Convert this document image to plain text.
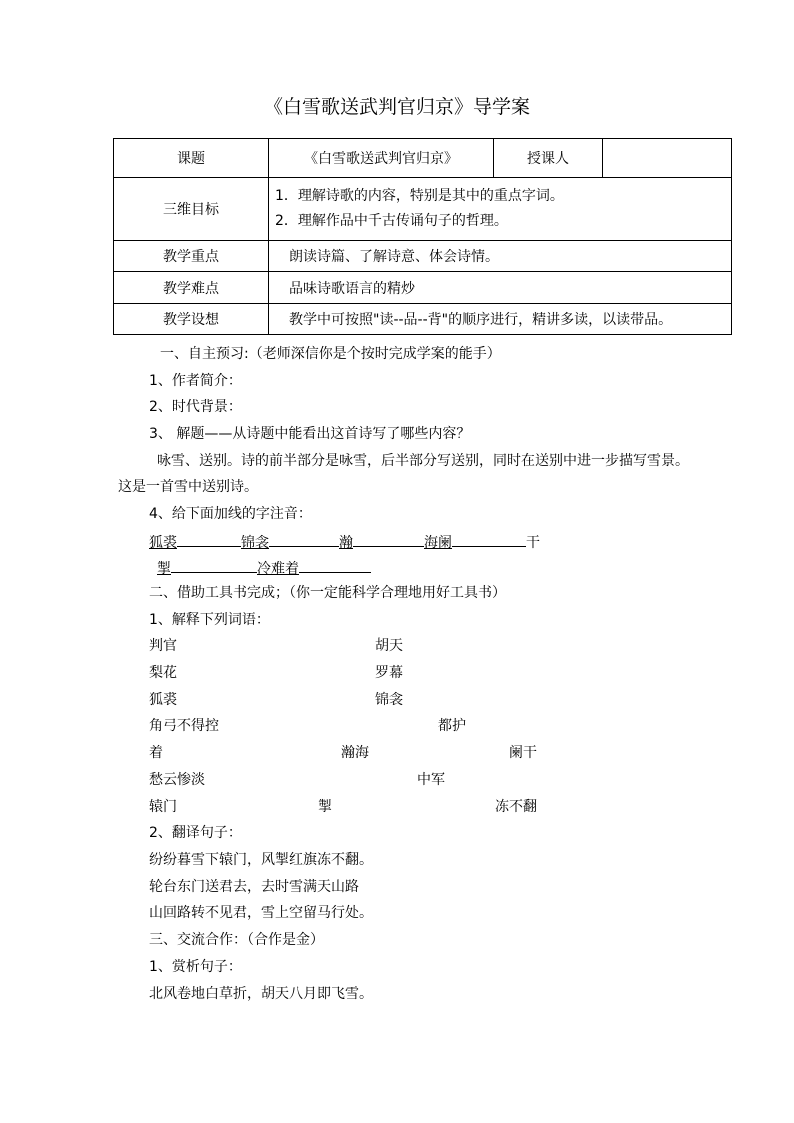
《白雪歌送武判官归京》导学案
课题	《白雪歌送武判官归京》	授课人	
三维目标	1．理解诗歌的内容，特别是其中的重点字词。
2．理解作品中千古传诵句子的哲理。		

教学重点	朗读诗篇、了解诗意、体会诗情。		
教学难点	品味诗歌语言的精炒		
教学设想	教学中可按照"读--品--背"的顺序进行，精讲多读，以读带品。		
一、自主预习:（老师深信你是个按时完成学案的能手）
1、作者简介：
2、时代背景：
3、 解题——从诗题中能看出这首诗写了哪些内容？
咏雪、送别。诗的前半部分是咏雪，后半部分写送别，同时在送别中进一步描写雪景。
这是一首雪中送别诗。
4、给下面加线的字注音：
狐裘	锦衾	瀚	海阑	干
掣	冷难着
二、借助工具书完成；（你一定能科学合理地用好工具书）
1、解释下列词语：
判官	胡天
梨花	罗幕
狐裘	锦衾
角弓不得控	都护
着	瀚海	阑干
愁云惨淡	中军
辕门	掣	冻不翻
2、翻译句子：
纷纷暮雪下辕门，风掣红旗冻不翻。
轮台东门送君去，去时雪满天山路
山回路转不见君，雪上空留马行处。
三、交流合作：（合作是金）
1、赏析句子：
北风卷地白草折，胡天八月即飞雪。
